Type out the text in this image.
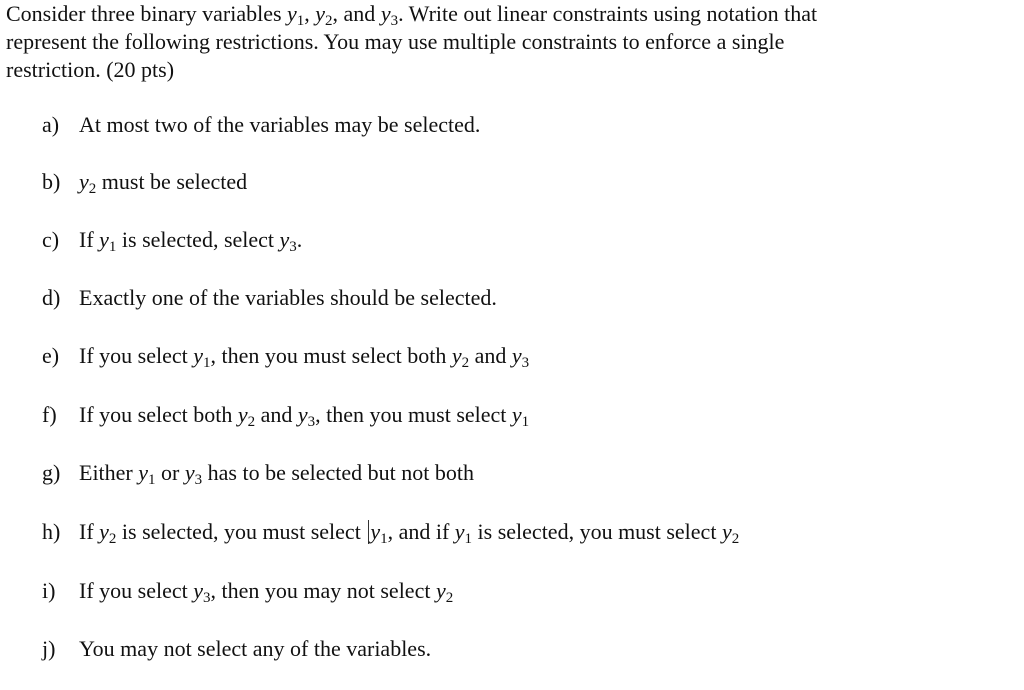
Consider three binary variables $y_1$, $y_2$, and $y_3$. Write out linear constraints using notation that

represent the following restrictions. You may use multiple constraints to enforce a single

restriction. (20 pts)

a) At most two of the variables may be selected.
b) $y_2$ must be selected
c) If $y_1$ is selected, select $y_3$.
d) Exactly one of the variables should be selected.
e) If you select $y_1$, then you must select both $y_2$ and $y_3$
f) If you select both $y_2$ and $y_3$, then you must select $y_1$
g) Either $y_1$ or $y_3$ has to be selected but not both
h) If $y_2$ is selected, you must select $y_1$, and if $y_1$ is selected, you must select $y_2$
i) If you select $y_3$, then you may not select $y_2$
j) You may not select any of the variables.
